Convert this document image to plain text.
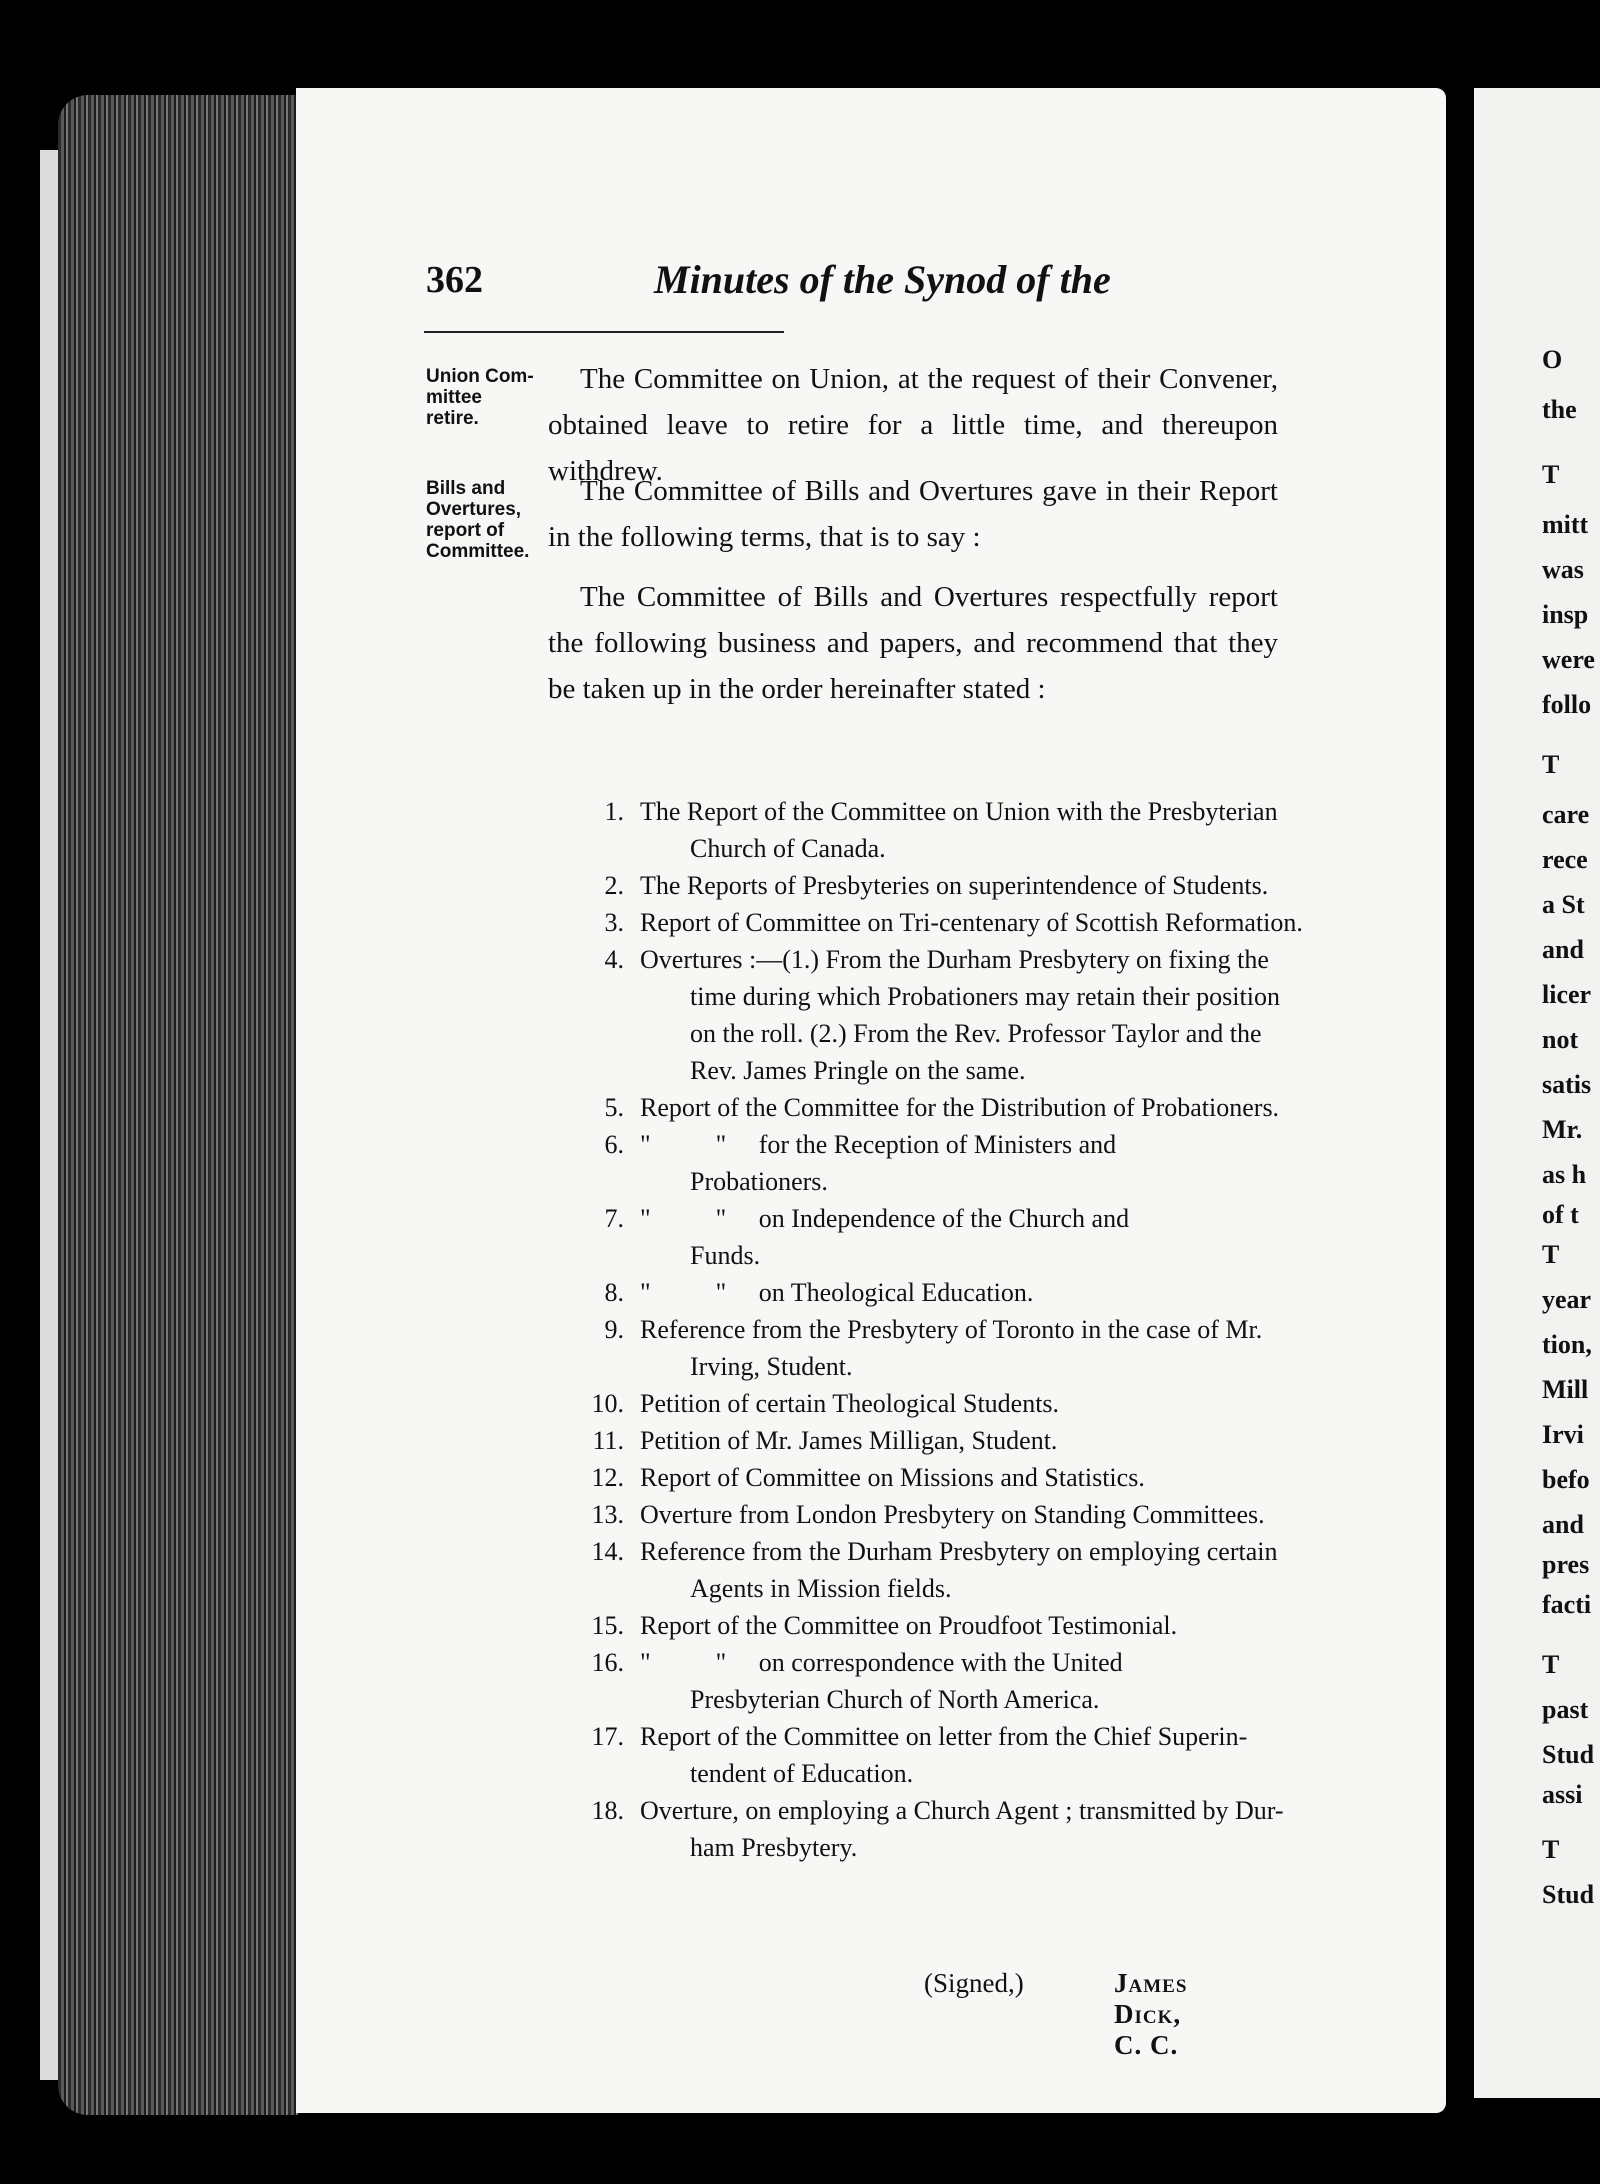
362	Minutes of the Synod of the
Union Com-
mittee
retire.
Bills and
Overtures,
report of
Committee.

The Committee on Union, at the request of their Convener, obtained leave to retire for a little time, and thereupon withdrew.

The Committee of Bills and Overtures gave in their Report in the following terms, that is to say :

The Committee of Bills and Overtures respectfully report the following business and papers, and recommend that they be taken up in the order hereinafter stated :

1. The Report of the Committee on Union with the Presbyterian
Church of Canada.
2. The Reports of Presbyteries on superintendence of Students.
3. Report of Committee on Tri-centenary of Scottish Reformation.
4. Overtures :—(1.) From the Durham Presbytery on fixing the
time during which Probationers may retain their position on the roll. (2.) From the Rev. Professor Taylor and the Rev. James Pringle on the same.
5. Report of the Committee for the Distribution of Probationers.
6. "          "     for the Reception of Ministers and
Probationers.
7. "          "     on Independence of the Church and
Funds.
8. "          "     on Theological Education.
9. Reference from the Presbytery of Toronto in the case of Mr.
Irving, Student.
10. Petition of certain Theological Students.
11. Petition of Mr. James Milligan, Student.
12. Report of Committee on Missions and Statistics.
13. Overture from London Presbytery on Standing Committees.
14. Reference from the Durham Presbytery on employing certain
Agents in Mission fields.
15. Report of the Committee on Proudfoot Testimonial.
16. "          "     on correspondence with the United
Presbyterian Church of North America.
17. Report of the Committee on letter from the Chief Superin-
tendent of Education.
18. Overture, on employing a Church Agent ; transmitted by Dur-
ham Presbytery.
(Signed,)	James Dick, C. C.
O
the
T
mitt
was
insp
were
follo
T
care
rece
a St
and
licer
not
satis
Mr.
as h
of t
T
year
tion,
Mill
Irvi
befo
and
pres
facti
T
past
Stud
assi
T
Stud
